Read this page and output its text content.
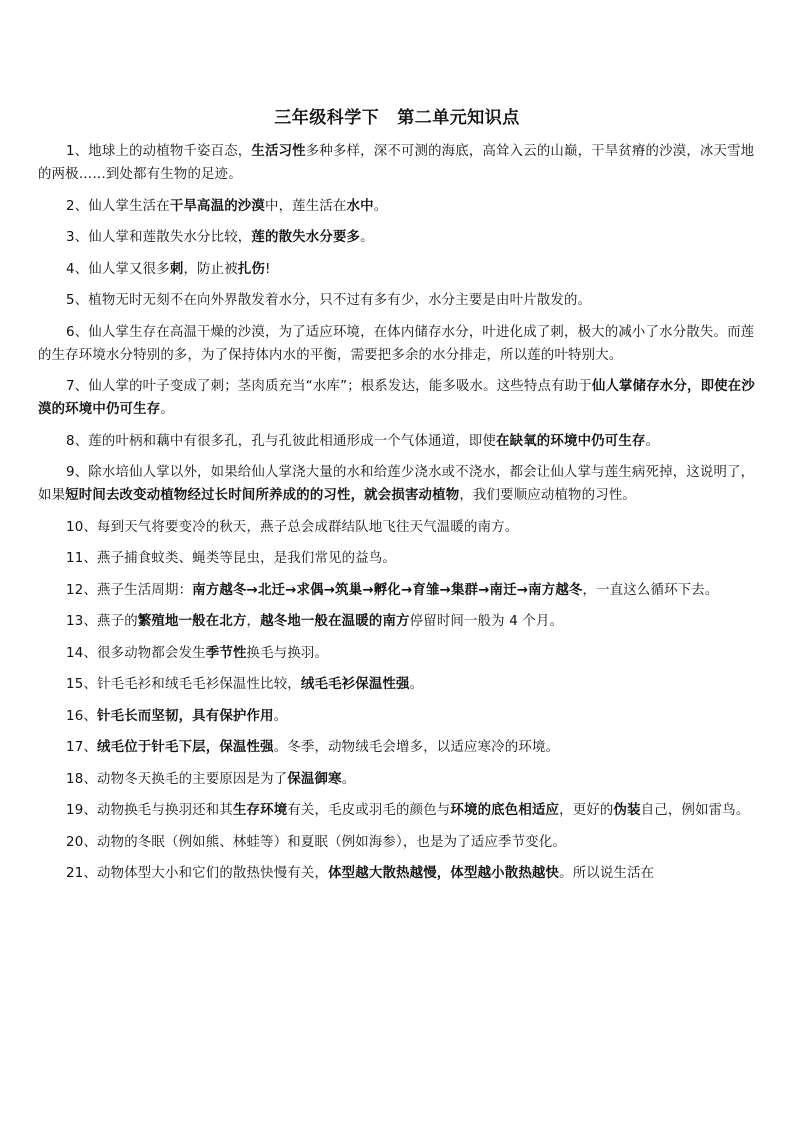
三年级科学下 第二单元知识点

1、地球上的动植物千姿百态，生活习性多种多样，深不可测的海底，高耸入云的山巅，干旱贫瘠的沙漠，冰天雪地的两极……到处都有生物的足迹。

2、仙人掌生活在干旱高温的沙漠中，莲生活在水中。

3、仙人掌和莲散失水分比较，莲的散失水分要多。

4、仙人掌又很多刺，防止被扎伤!

5、植物无时无刻不在向外界散发着水分，只不过有多有少，水分主要是由叶片散发的。

6、仙人掌生存在高温干燥的沙漠，为了适应环境，在体内储存水分，叶进化成了刺，极大的减小了水分散失。而莲的生存环境水分特别的多，为了保持体内水的平衡，需要把多余的水分排走，所以莲的叶特别大。

7、仙人掌的叶子变成了刺；茎肉质充当“水库”；根系发达，能多吸水。这些特点有助于仙人掌储存水分，即使在沙漠的环境中仍可生存。

8、莲的叶柄和藕中有很多孔，孔与孔彼此相通形成一个气体通道，即使在缺氧的环境中仍可生存。

9、除水培仙人掌以外，如果给仙人掌浇大量的水和给莲少浇水或不浇水，都会让仙人掌与莲生病死掉，这说明了，如果短时间去改变动植物经过长时间所养成的的习性，就会损害动植物，我们要顺应动植物的习性。

10、每到天气将要变冷的秋天，燕子总会成群结队地飞往天气温暖的南方。

11、燕子捕食蚊类、蝇类等昆虫，是我们常见的益鸟。

12、燕子生活周期：南方越冬→北迁→求偶→筑巢→孵化→育雏→集群→南迁→南方越冬，一直这么循环下去。

13、燕子的繁殖地一般在北方，越冬地一般在温暖的南方停留时间一般为 4 个月。

14、很多动物都会发生季节性换毛与换羽。

15、针毛毛衫和绒毛毛衫保温性比较，绒毛毛衫保温性强。

16、针毛长而坚韧，具有保护作用。

17、绒毛位于针毛下层，保温性强。冬季，动物绒毛会增多，以适应寒冷的环境。

18、动物冬天换毛的主要原因是为了保温御寒。

19、动物换毛与换羽还和其生存环境有关，毛皮或羽毛的颜色与环境的底色相适应，更好的伪装自己，例如雷鸟。

20、动物的冬眠（例如熊、林蛙等）和夏眠（例如海参），也是为了适应季节变化。

21、动物体型大小和它们的散热快慢有关，体型越大散热越慢，体型越小散热越快。所以说生活在
